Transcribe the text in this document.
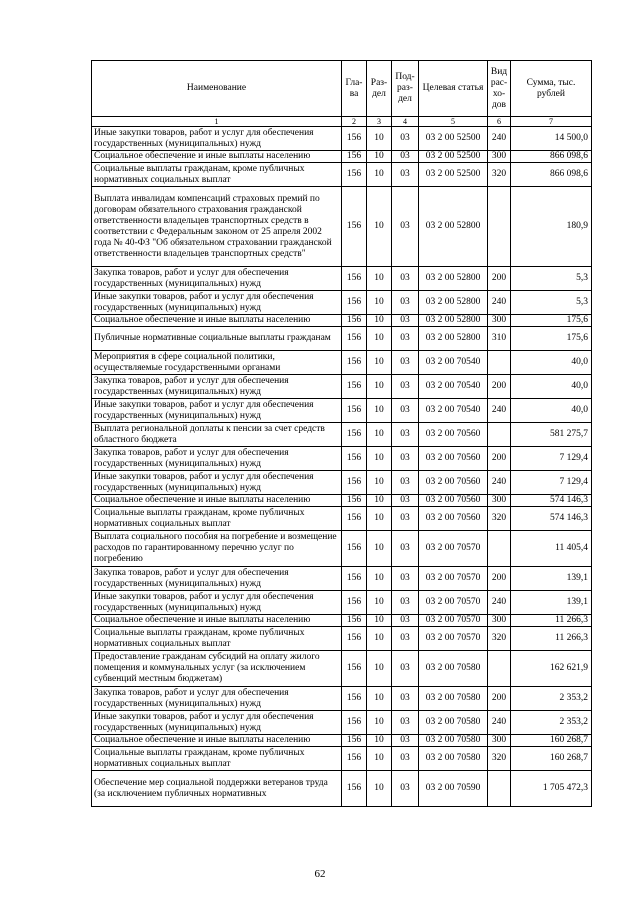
Наименование	Гла-ва	Раз-дел	Под-раз-дел	Целевая статья	Вид рас-хо-дов	Сумма, тыс. рублей
1	2	3	4	5	6	7
Иные закупки товаров, работ и услуг для обеспечения государственных (муниципальных) нужд	156	10	03	03 2 00 52500	240	14 500,0
Социальное обеспечение и иные выплаты населению	156	10	03	03 2 00 52500	300	866 098,6
Социальные выплаты гражданам, кроме публичных нормативных социальных выплат	156	10	03	03 2 00 52500	320	866 098,6
Выплата инвалидам компенсаций страховых премий по договорам обязательного страхования гражданской ответственности владельцев транспортных средств в соответствии с Федеральным законом от 25 апреля 2002 года № 40-ФЗ "Об обязательном страховании гражданской ответственности владельцев транспортных средств"	156	10	03	03 2 00 52800		180,9
Закупка товаров, работ и услуг для обеспечения государственных (муниципальных) нужд	156	10	03	03 2 00 52800	200	5,3
Иные закупки товаров, работ и услуг для обеспечения государственных (муниципальных) нужд	156	10	03	03 2 00 52800	240	5,3
Социальное обеспечение и иные выплаты населению	156	10	03	03 2 00 52800	300	175,6
Публичные нормативные социальные выплаты гражданам	156	10	03	03 2 00 52800	310	175,6
Мероприятия в сфере социальной политики, осуществляемые государственными органами	156	10	03	03 2 00 70540		40,0
Закупка товаров, работ и услуг для обеспечения государственных (муниципальных) нужд	156	10	03	03 2 00 70540	200	40,0
Иные закупки товаров, работ и услуг для обеспечения государственных (муниципальных) нужд	156	10	03	03 2 00 70540	240	40,0
Выплата региональной доплаты к пенсии за счет средств областного бюджета	156	10	03	03 2 00 70560		581 275,7
Закупка товаров, работ и услуг для обеспечения государственных (муниципальных) нужд	156	10	03	03 2 00 70560	200	7 129,4
Иные закупки товаров, работ и услуг для обеспечения государственных (муниципальных) нужд	156	10	03	03 2 00 70560	240	7 129,4
Социальное обеспечение и иные выплаты населению	156	10	03	03 2 00 70560	300	574 146,3
Социальные выплаты гражданам, кроме публичных нормативных социальных выплат	156	10	03	03 2 00 70560	320	574 146,3
Выплата социального пособия на погребение и возмещение расходов по гарантированному перечню услуг по погребению	156	10	03	03 2 00 70570		11 405,4
Закупка товаров, работ и услуг для обеспечения государственных (муниципальных) нужд	156	10	03	03 2 00 70570	200	139,1
Иные закупки товаров, работ и услуг для обеспечения государственных (муниципальных) нужд	156	10	03	03 2 00 70570	240	139,1
Социальное обеспечение и иные выплаты населению	156	10	03	03 2 00 70570	300	11 266,3
Социальные выплаты гражданам, кроме публичных нормативных социальных выплат	156	10	03	03 2 00 70570	320	11 266,3
Предоставление гражданам субсидий на оплату жилого помещения и коммунальных услуг (за исключением субвенций местным бюджетам)	156	10	03	03 2 00 70580		162 621,9
Закупка товаров, работ и услуг для обеспечения государственных (муниципальных) нужд	156	10	03	03 2 00 70580	200	2 353,2
Иные закупки товаров, работ и услуг для обеспечения государственных (муниципальных) нужд	156	10	03	03 2 00 70580	240	2 353,2
Социальное обеспечение и иные выплаты населению	156	10	03	03 2 00 70580	300	160 268,7
Социальные выплаты гражданам, кроме публичных нормативных социальных выплат	156	10	03	03 2 00 70580	320	160 268,7
Обеспечение мер социальной поддержки ветеранов труда (за исключением публичных нормативных	156	10	03	03 2 00 70590		1 705 472,3
62
